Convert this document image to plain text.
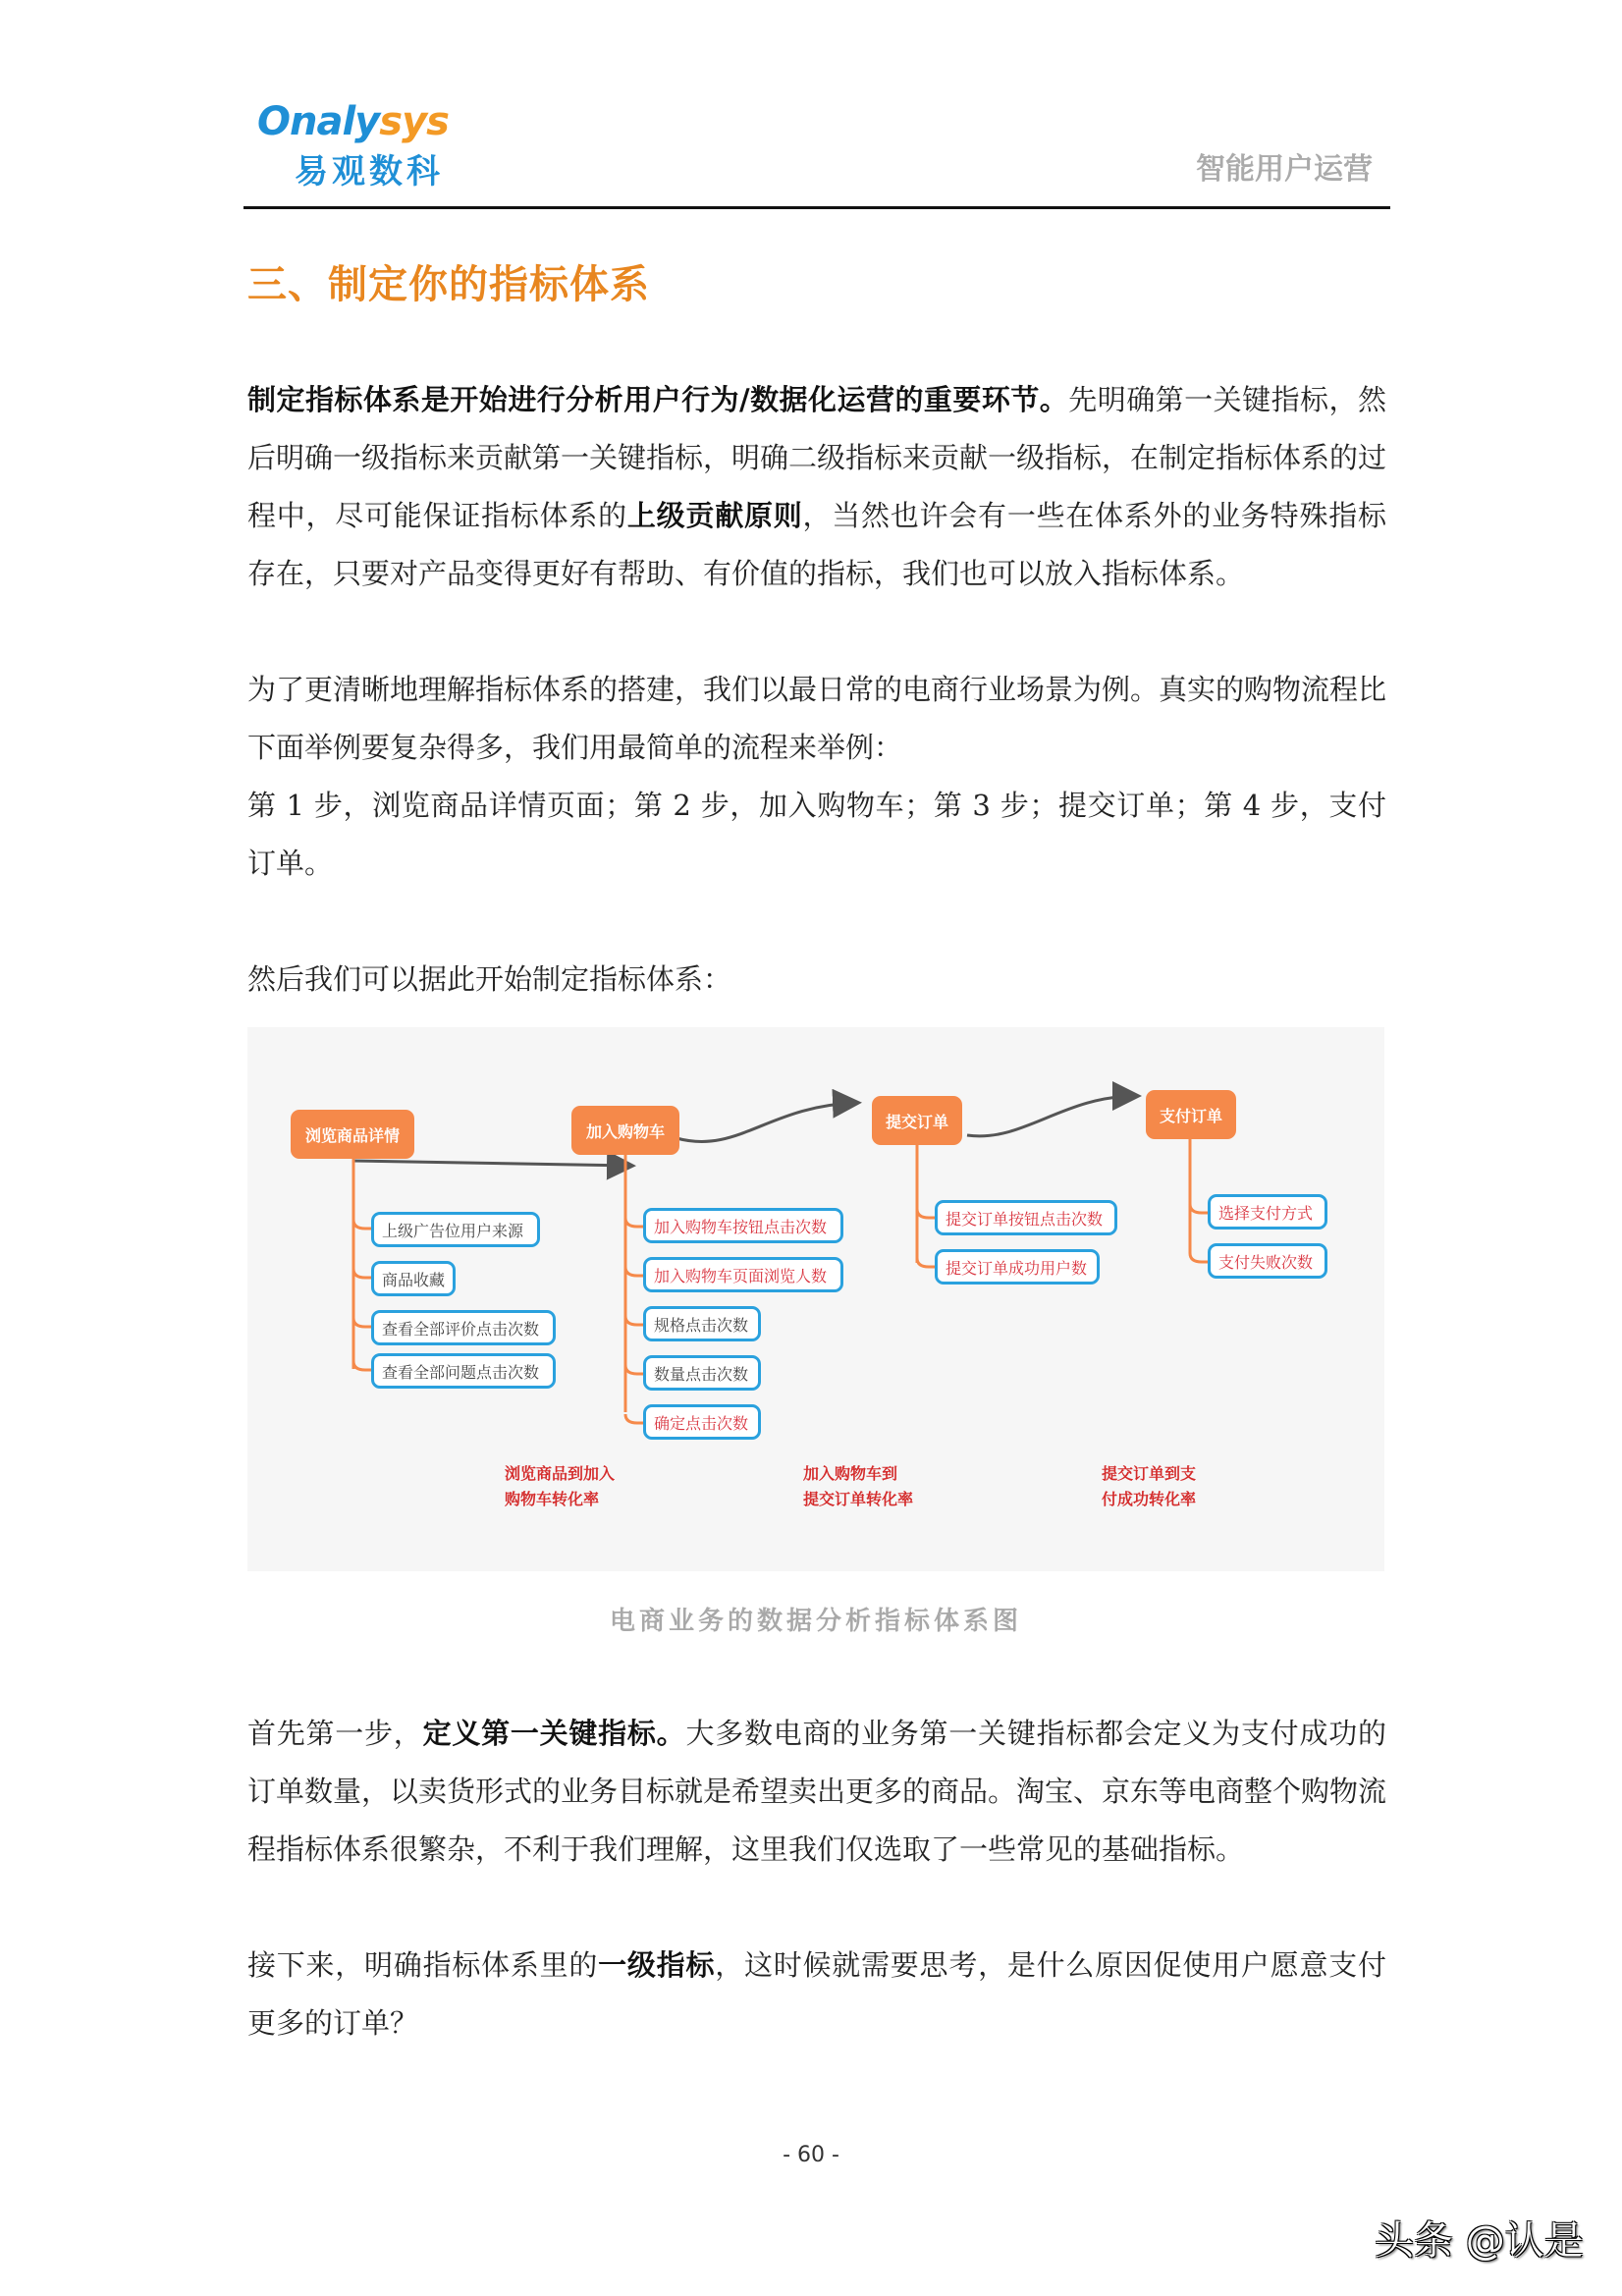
Onalysys
易观数科	智能用户运营
三、制定你的指标体系
制定指标体系是开始进行分析用户行为/数据化运营的重要环节。先明确第一关键指标，然后明确一级指标来贡献第一关键指标，明确二级指标来贡献一级指标，在制定指标体系的过程中，尽可能保证指标体系的上级贡献原则，当然也许会有一些在体系外的业务特殊指标存在，只要对产品变得更好有帮助、有价值的指标，我们也可以放入指标体系。
为了更清晰地理解指标体系的搭建，我们以最日常的电商行业场景为例。真实的购物流程比下面举例要复杂得多，我们用最简单的流程来举例：
第 1 步，浏览商品详情页面；第 2 步，加入购物车；第 3 步；提交订单；第 4 步，支付订单。
然后我们可以据此开始制定指标体系：
浏览商品详情	加入购物车
提交订单	支付订单
上级广告位用户来源
商品收藏
查看全部评价点击次数
查看全部问题点击次数
加入购物车按钮点击次数
加入购物车页面浏览人数
规格点击次数
数量点击次数
确定点击次数
提交订单按钮点击次数
提交订单成功用户数
选择支付方式
支付失败次数
浏览商品到加入
购物车转化率
加入购物车到
提交订单转化率
提交订单到支
付成功转化率
电商业务的数据分析指标体系图
首先第一步，定义第一关键指标。大多数电商的业务第一关键指标都会定义为支付成功的订单数量，以卖货形式的业务目标就是希望卖出更多的商品。淘宝、京东等电商整个购物流程指标体系很繁杂，不利于我们理解，这里我们仅选取了一些常见的基础指标。
接下来，明确指标体系里的一级指标，这时候就需要思考，是什么原因促使用户愿意支付更多的订单？
- 60 -
头条 @认是
